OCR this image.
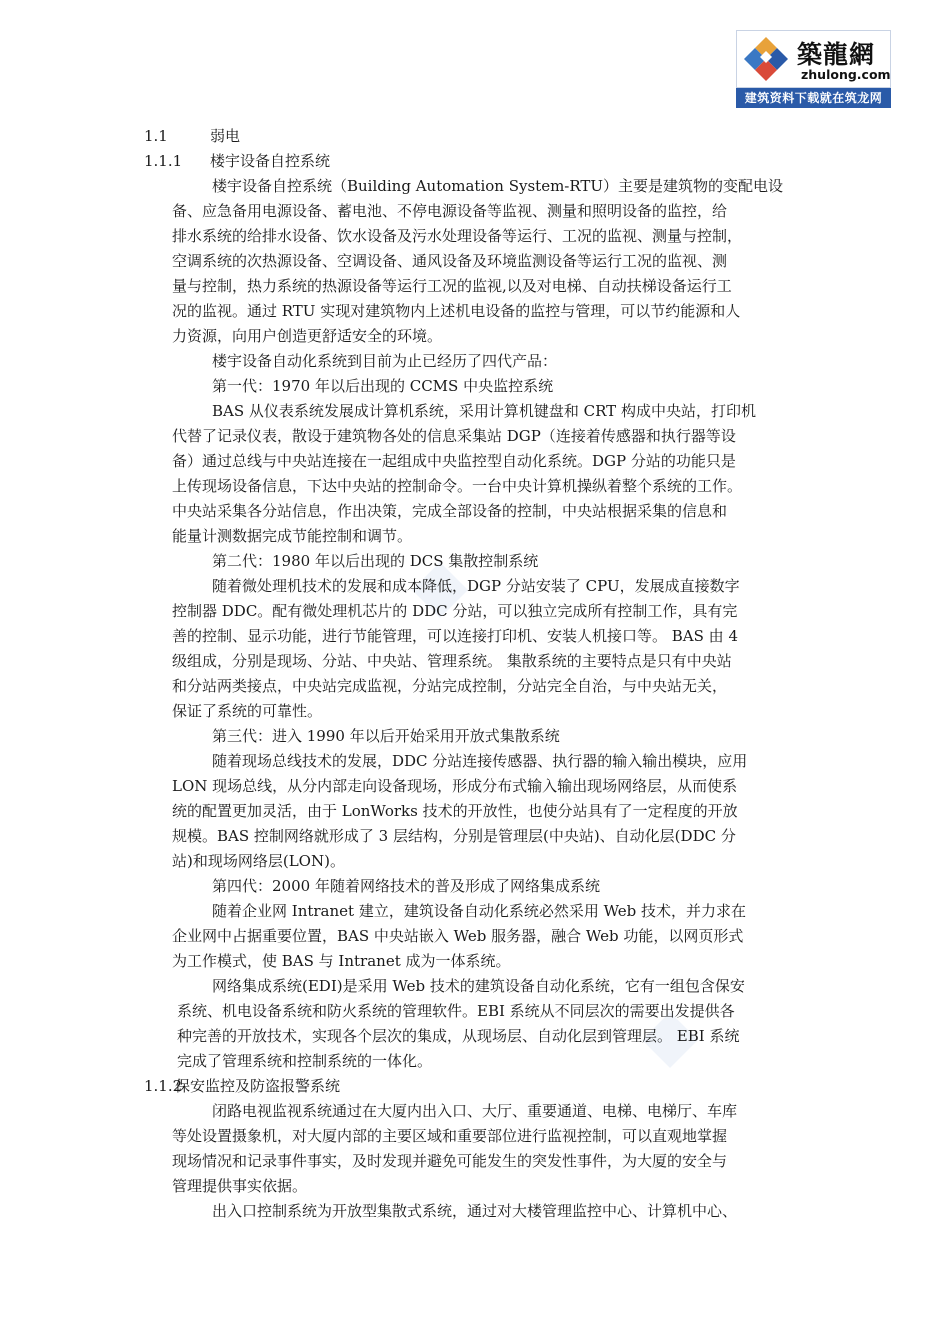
築龍網
zhulong.com
建筑资料下载就在筑龙网
1.1	弱电
1.1.1 楼宇设备自控系统
楼宇设备自控系统（Building Automation System-RTU）主要是建筑物的变配电设
备、应急备用电源设备、蓄电池、不停电源设备等监视、测量和照明设备的监控，给
排水系统的给排水设备、饮水设备及污水处理设备等运行、工况的监视、测量与控制，
空调系统的次热源设备、空调设备、通风设备及环境监测设备等运行工况的监视、测
量与控制，热力系统的热源设备等运行工况的监视,以及对电梯、自动扶梯设备运行工
况的监视。通过 RTU 实现对建筑物内上述机电设备的监控与管理，可以节约能源和人
力资源，向用户创造更舒适安全的环境。
楼宇设备自动化系统到目前为止已经历了四代产品：
第一代：1970 年以后出现的 CCMS 中央监控系统
BAS 从仪表系统发展成计算机系统，采用计算机键盘和 CRT 构成中央站，打印机
代替了记录仪表，散设于建筑物各处的信息采集站 DGP（连接着传感器和执行器等设
备）通过总线与中央站连接在一起组成中央监控型自动化系统。DGP 分站的功能只是
上传现场设备信息，下达中央站的控制命令。一台中央计算机操纵着整个系统的工作。
中央站采集各分站信息，作出决策，完成全部设备的控制，中央站根据采集的信息和
能量计测数据完成节能控制和调节。
第二代：1980 年以后出现的 DCS 集散控制系统
随着微处理机技术的发展和成本降低，DGP 分站安装了 CPU，发展成直接数字
控制器 DDC。配有微处理机芯片的 DDC 分站，可以独立完成所有控制工作，具有完
善的控制、显示功能，进行节能管理，可以连接打印机、安装人机接口等。 BAS 由 4
级组成，分别是现场、分站、中央站、管理系统。 集散系统的主要特点是只有中央站
和分站两类接点，中央站完成监视，分站完成控制，分站完全自治，与中央站无关，
保证了系统的可靠性。
第三代：进入 1990 年以后开始采用开放式集散系统
随着现场总线技术的发展，DDC 分站连接传感器、执行器的输入输出模块，应用
LON 现场总线，从分内部走向设备现场，形成分布式输入输出现场网络层，从而使系
统的配置更加灵活，由于 LonWorks 技术的开放性，也使分站具有了一定程度的开放
规模。BAS 控制网络就形成了 3 层结构，分别是管理层(中央站)、自动化层(DDC 分
站)和现场网络层(LON)。
第四代：2000 年随着网络技术的普及形成了网络集成系统
随着企业网 Intranet 建立，建筑设备自动化系统必然采用 Web 技术，并力求在
企业网中占据重要位置，BAS 中央站嵌入 Web 服务器，融合 Web 功能，以网页形式
为工作模式，使 BAS 与 Intranet 成为一体系统。
网络集成系统(EDI)是采用 Web 技术的建筑设备自动化系统，它有一组包含保安
系统、机电设备系统和防火系统的管理软件。EBI 系统从不同层次的需要出发提供各
种完善的开放技术，实现各个层次的集成，从现场层、自动化层到管理层。 EBI 系统
完成了管理系统和控制系统的一体化。
1.1.2保安监控及防盗报警系统
闭路电视监视系统通过在大厦内出入口、大厅、重要通道、电梯、电梯厅、车库
等处设置摄象机，对大厦内部的主要区域和重要部位进行监视控制，可以直观地掌握
现场情况和记录事件事实，及时发现并避免可能发生的突发性事件，为大厦的安全与
管理提供事实依据。
出入口控制系统为开放型集散式系统，通过对大楼管理监控中心、计算机中心、
